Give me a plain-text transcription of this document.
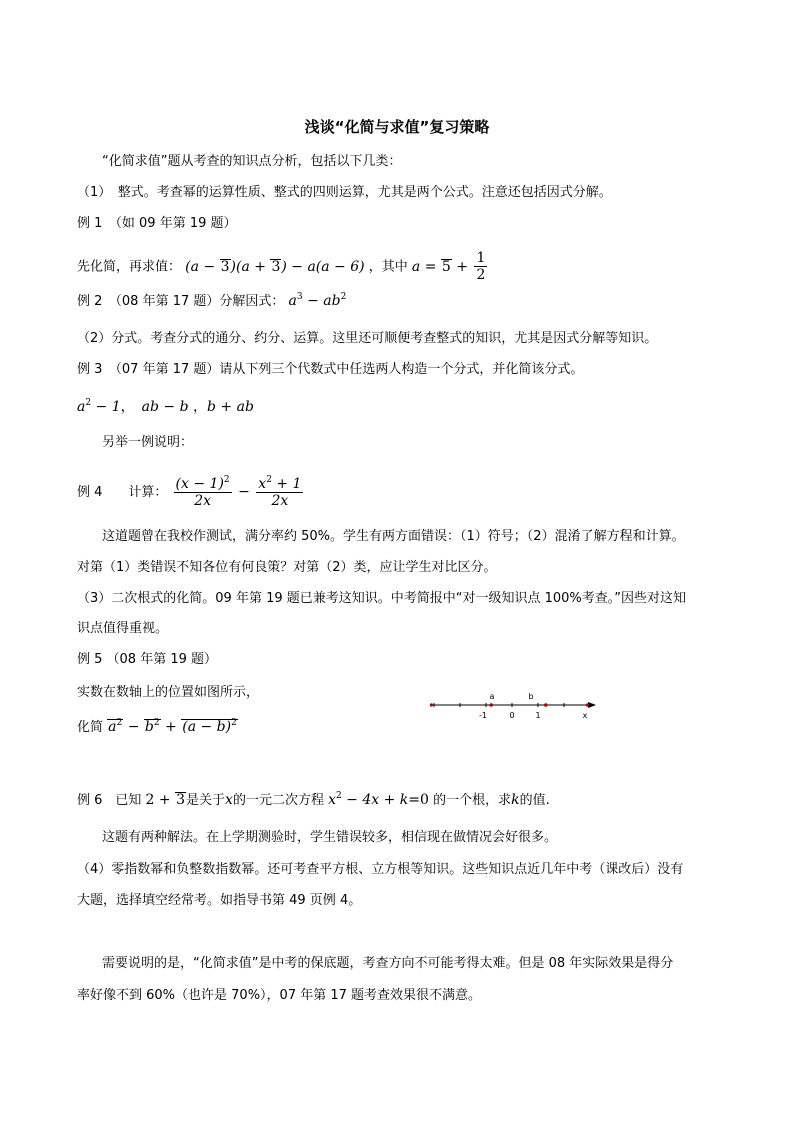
浅谈“化简与求值”复习策略
“化简求值”题从考查的知识点分析，包括以下几类：
（1）　整式。考查幂的运算性质、整式的四则运算，尤其是两个公式。注意还包括因式分解。
例 1　（如 09 年第 19 题）
先化简，再求值： (a − 3)(a + 3) − a(a − 6) ，其中 $a = 5 + \frac{1}{2}$
例 2　（08 年第 17 题）分解因式： $a^3 - ab^2$
（2）分式。考查分式的通分、约分、运算。这里还可顺便考查整式的知识，尤其是因式分解等知识。
例 3　（07 年第 17 题）请从下列三个代数式中任选两人构造一个分式，并化简该分式。
$a^2 - 1$，　ab − b ，b + ab
另举一例说明：
例 4　　计算： $\frac{(x - 1)^2}{2x} - \frac{x^2 + 1}{2x}$
这道题曾在我校作测试，满分率约 50%。学生有两方面错误：（1）符号；（2）混淆了解方程和计算。
对第（1）类错误不知各位有何良策？对第（2）类，应让学生对比区分。
（3）二次根式的化简。09 年第 19 题已兼考这知识。中考简报中“对一级知识点 100%考查。”因些对这知
识点值得重视。
例 5 （08 年第 19 题）
实数在数轴上的位置如图所示，
化简 $a^2 - b^2 + (a - b)^2$
-1	0	1	x
a	b
例 6　已知 2 + 3是关于x的一元二次方程 $x^2 - 4x + k=0$ 的一个根，求k的值.
这题有两种解法。在上学期测验时，学生错误较多，相信现在做情况会好很多。
（4）零指数幂和负整数指数幂。还可考查平方根、立方根等知识。这些知识点近几年中考（课改后）没有
大题，选择填空经常考。如指导书第 49 页例 4。
需要说明的是，“化简求值”是中考的保底题，考查方向不可能考得太难。但是 08 年实际效果是得分
率好像不到 60%（也许是 70%），07 年第 17 题考查效果很不满意。
